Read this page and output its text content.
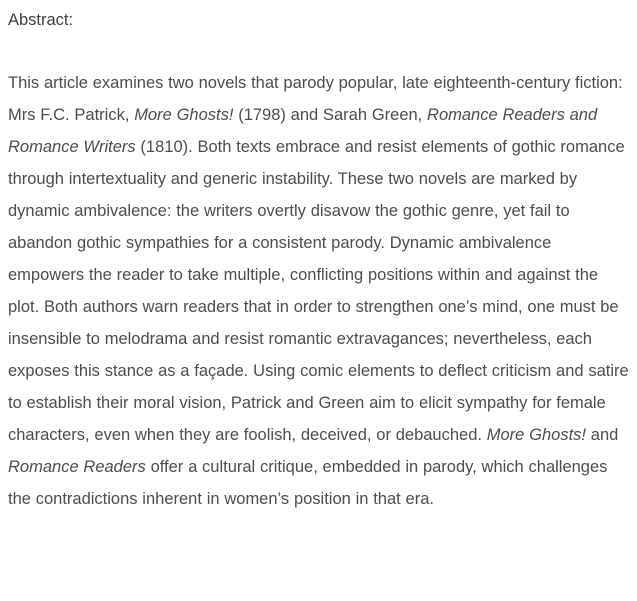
Abstract:

This article examines two novels that parody popular, late eighteenth-century fiction: Mrs F.C. Patrick, More Ghosts! (1798) and Sarah Green, Romance Readers and Romance Writers (1810). Both texts embrace and resist elements of gothic romance through intertextuality and generic instability. These two novels are marked by dynamic ambivalence: the writers overtly disavow the gothic genre, yet fail to abandon gothic sympathies for a consistent parody. Dynamic ambivalence empowers the reader to take multiple, conflicting positions within and against the plot. Both authors warn readers that in order to strengthen one’s mind, one must be insensible to melodrama and resist romantic extravagances; nevertheless, each exposes this stance as a façade. Using comic elements to deflect criticism and satire to establish their moral vision, Patrick and Green aim to elicit sympathy for female characters, even when they are foolish, deceived, or debauched. More Ghosts! and Romance Readers offer a cultural critique, embedded in parody, which challenges the contradictions inherent in women’s position in that era.
